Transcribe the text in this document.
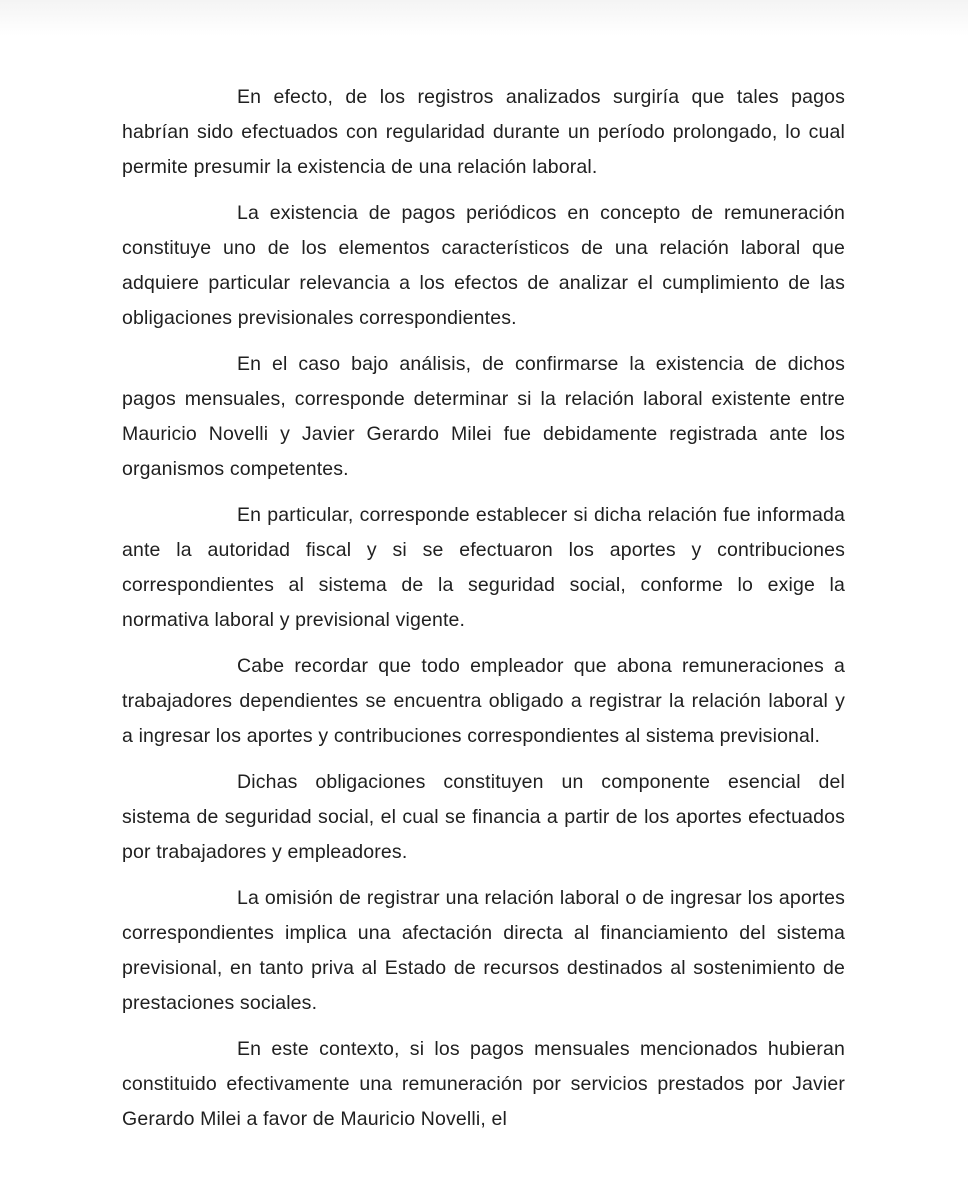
En efecto, de los registros analizados surgiría que tales pagos habrían sido efectuados con regularidad durante un período prolongado, lo cual permite presumir la existencia de una relación laboral.

La existencia de pagos periódicos en concepto de remuneración constituye uno de los elementos característicos de una relación laboral que adquiere particular relevancia a los efectos de analizar el cumplimiento de las obligaciones previsionales correspondientes.

En el caso bajo análisis, de confirmarse la existencia de dichos pagos mensuales, corresponde determinar si la relación laboral existente entre Mauricio Novelli y Javier Gerardo Milei fue debidamente registrada ante los organismos competentes.

En particular, corresponde establecer si dicha relación fue informada ante la autoridad fiscal y si se efectuaron los aportes y contribuciones correspondientes al sistema de la seguridad social, conforme lo exige la normativa laboral y previsional vigente.

Cabe recordar que todo empleador que abona remuneraciones a trabajadores dependientes se encuentra obligado a registrar la relación laboral y a ingresar los aportes y contribuciones correspondientes al sistema previsional.

Dichas obligaciones constituyen un componente esencial del sistema de seguridad social, el cual se financia a partir de los aportes efectuados por trabajadores y empleadores.

La omisión de registrar una relación laboral o de ingresar los aportes correspondientes implica una afectación directa al financiamiento del sistema previsional, en tanto priva al Estado de recursos destinados al sostenimiento de prestaciones sociales.

En este contexto, si los pagos mensuales mencionados hubieran constituido efectivamente una remuneración por servicios prestados por Javier Gerardo Milei a favor de Mauricio Novelli, el
